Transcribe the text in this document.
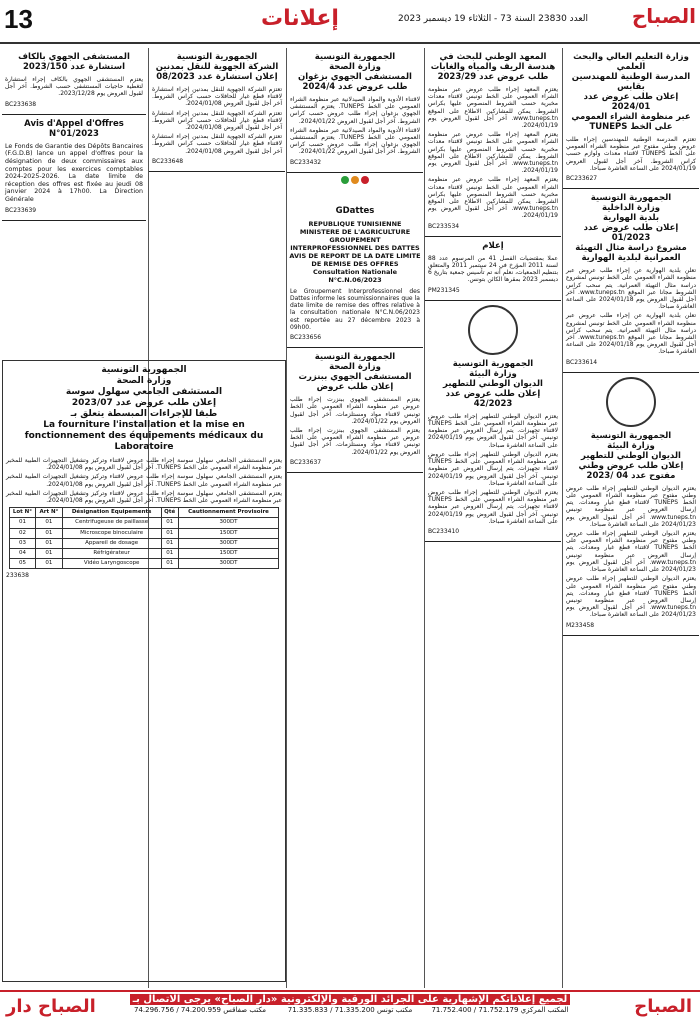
13	إعلانات	العدد 23830 السنة 73 - الثلاثاء 19 ديسمبر 2023 الصباح
وزارة التعليم العالي والبحث العلمي
المدرسة الوطنية للمهندسين بقابس
إعلان طلب عروض عدد 2024/01
عبر منظومة الشراء العمومي على الخط TUNEPS
تعتزم المدرسة الوطنية للمهندسين إجراء طلب عروض وطني مفتوح عبر منظومة الشراء العمومي على الخط TUNEPS لاقتناء معدات ولوازم حسب كراس الشروط. آخر أجل لقبول العروض 2024/01/19 على الساعة العاشرة صباحا.
BC233627
الجمهورية التونسية
وزارة الداخلية
بلدية الهوارية
إعلان طلب عروض عدد 01/2023
مشروع دراسة مثال التهيئة العمرانية لبلدية الهوارية
تعلن بلدية الهوارية عن إجراء طلب عروض عبر منظومة الشراء العمومي على الخط تونبس لمشروع دراسة مثال التهيئة العمرانية. يتم سحب كراس الشروط مجانا عبر الموقع www.tuneps.tn. آخر أجل لقبول العروض يوم 2024/01/18 على الساعة العاشرة صباحا.
تعلن بلدية الهوارية عن إجراء طلب عروض عبر منظومة الشراء العمومي على الخط تونبس لمشروع دراسة مثال التهيئة العمرانية. يتم سحب كراس الشروط مجانا عبر الموقع www.tuneps.tn. آخر أجل لقبول العروض يوم 2024/01/18 على الساعة العاشرة صباحا.
BC233614
الجمهورية التونسية
وزارة البيئة
الديوان الوطني للتطهير
إعلان طلب عروض وطني مفتوح عدد 04 /2023
يعتزم الديوان الوطني للتطهير إجراء طلب عروض وطني مفتوح عبر منظومة الشراء العمومي على الخط TUNEPS لاقتناء قطع غيار ومعدات. يتم إرسال العروض عبر منظومة تونبس www.tuneps.tn. آخر أجل لقبول العروض يوم 2024/01/23 على الساعة العاشرة صباحا.
يعتزم الديوان الوطني للتطهير إجراء طلب عروض وطني مفتوح عبر منظومة الشراء العمومي على الخط TUNEPS لاقتناء قطع غيار ومعدات. يتم إرسال العروض عبر منظومة تونبس www.tuneps.tn. آخر أجل لقبول العروض يوم 2024/01/23 على الساعة العاشرة صباحا.
يعتزم الديوان الوطني للتطهير إجراء طلب عروض وطني مفتوح عبر منظومة الشراء العمومي على الخط TUNEPS لاقتناء قطع غيار ومعدات. يتم إرسال العروض عبر منظومة تونبس www.tuneps.tn. آخر أجل لقبول العروض يوم 2024/01/23 على الساعة العاشرة صباحا.
M233458
المعهد الوطني للبحث في هندسة الريف والمياه والغابات
طلب عروض عدد 2023/29
يعتزم المعهد إجراء طلب عروض عبر منظومة الشراء العمومي على الخط تونبس لاقتناء معدات مخبرية حسب الشروط المنصوص عليها بكراس الشروط. يمكن للمشاركين الاطلاع على الموقع www.tuneps.tn. آخر أجل لقبول العروض يوم 2024/01/19.
يعتزم المعهد إجراء طلب عروض عبر منظومة الشراء العمومي على الخط تونبس لاقتناء معدات مخبرية حسب الشروط المنصوص عليها بكراس الشروط. يمكن للمشاركين الاطلاع على الموقع www.tuneps.tn. آخر أجل لقبول العروض يوم 2024/01/19.
يعتزم المعهد إجراء طلب عروض عبر منظومة الشراء العمومي على الخط تونبس لاقتناء معدات مخبرية حسب الشروط المنصوص عليها بكراس الشروط. يمكن للمشاركين الاطلاع على الموقع www.tuneps.tn. آخر أجل لقبول العروض يوم 2024/01/19.
BC233534
إعلام
عملا بمقتضيات الفصل 41 من المرسوم عدد 88 لسنة 2011 المؤرخ في 24 سبتمبر 2011 والمتعلق بتنظيم الجمعيات، نعلم أنه تم تأسيس جمعية بتاريخ 6 ديسمبر 2023 بمقرها الكائن بتونس.
PM231345
الجمهورية التونسية
وزارة البيئة
الديوان الوطني للتطهير
إعلان طلب عروض عدد 42/2023
يعتزم الديوان الوطني للتطهير إجراء طلب عروض عبر منظومة الشراء العمومي على الخط TUNEPS لاقتناء تجهيزات. يتم إرسال العروض عبر منظومة تونبس. آخر أجل لقبول العروض يوم 2024/01/19 على الساعة العاشرة صباحا.
يعتزم الديوان الوطني للتطهير إجراء طلب عروض عبر منظومة الشراء العمومي على الخط TUNEPS لاقتناء تجهيزات. يتم إرسال العروض عبر منظومة تونبس. آخر أجل لقبول العروض يوم 2024/01/19 على الساعة العاشرة صباحا.
يعتزم الديوان الوطني للتطهير إجراء طلب عروض عبر منظومة الشراء العمومي على الخط TUNEPS لاقتناء تجهيزات. يتم إرسال العروض عبر منظومة تونبس. آخر أجل لقبول العروض يوم 2024/01/19 على الساعة العاشرة صباحا.
BC233410
الجمهورية التونسية
وزارة الصحة
المستشفى الجهوي بزغوان
طلب عروض عدد 2024/4
لاقتناء الأدوية والمواد الصيدلانية عبر منظومة الشراء العمومي على الخط TUNEPS. يعتزم المستشفى الجهوي بزغوان إجراء طلب عروض حسب كراس الشروط. آخر أجل لقبول العروض 2024/01/22.
لاقتناء الأدوية والمواد الصيدلانية عبر منظومة الشراء العمومي على الخط TUNEPS. يعتزم المستشفى الجهوي بزغوان إجراء طلب عروض حسب كراس الشروط. آخر أجل لقبول العروض 2024/01/22.
BC233432
GDattes
REPUBLIQUE TUNISIENNE
MINISTERE DE L'AGRICULTURE
GROUPEMENT INTERPROFESSIONNEL DES DATTES
AVIS DE REPORT DE LA DATE LIMITE DE REMISE DES OFFRES
Consultation Nationale N°C.N.06/2023
Le Groupement Interprofessionnel des Dattes informe les soumissionnaires que la date limite de remise des offres relative à la consultation nationale N°C.N.06/2023 est reportée au 27 décembre 2023 à 09h00.
BC233656
الجمهورية التونسية
وزارة الصحة
المستشفى الجهوي ببنزرت
إعلان طلب عروض
يعتزم المستشفى الجهوي ببنزرت إجراء طلب عروض عبر منظومة الشراء العمومي على الخط تونبس لاقتناء مواد ومستلزمات. آخر أجل لقبول العروض يوم 2024/01/22.
يعتزم المستشفى الجهوي ببنزرت إجراء طلب عروض عبر منظومة الشراء العمومي على الخط تونبس لاقتناء مواد ومستلزمات. آخر أجل لقبول العروض يوم 2024/01/22.
BC233637
الجمهورية التونسية
الشركة الجهوية للنقل بمدنين
إعلان استشارة عدد 08/2023
تعتزم الشركة الجهوية للنقل بمدنين إجراء استشارة لاقتناء قطع غيار للحافلات حسب كراس الشروط. آخر أجل لقبول العروض 2024/01/08.
تعتزم الشركة الجهوية للنقل بمدنين إجراء استشارة لاقتناء قطع غيار للحافلات حسب كراس الشروط. آخر أجل لقبول العروض 2024/01/08.
تعتزم الشركة الجهوية للنقل بمدنين إجراء استشارة لاقتناء قطع غيار للحافلات حسب كراس الشروط. آخر أجل لقبول العروض 2024/01/08.
BC233648
الجمهورية التونسية
وزارة الصحة
المستشفى الجامعي سهلول سوسة
إعلان طلب عروض عدد 2023/07
طبقا للإجراءات المبسطة يتعلق بـ
La fourniture l'installation et la mise en fonctionnement des équipements médicaux du Laboratoire
يعتزم المستشفى الجامعي سهلول سوسة إجراء طلب عروض لاقتناء وتركيز وتشغيل التجهيزات الطبية للمخبر عبر منظومة الشراء العمومي على الخط TUNEPS. آخر أجل لقبول العروض يوم 2024/01/08.
يعتزم المستشفى الجامعي سهلول سوسة إجراء طلب عروض لاقتناء وتركيز وتشغيل التجهيزات الطبية للمخبر عبر منظومة الشراء العمومي على الخط TUNEPS. آخر أجل لقبول العروض يوم 2024/01/08.
يعتزم المستشفى الجامعي سهلول سوسة إجراء طلب عروض لاقتناء وتركيز وتشغيل التجهيزات الطبية للمخبر عبر منظومة الشراء العمومي على الخط TUNEPS. آخر أجل لقبول العروض يوم 2024/01/08.
Lot N°	Art N°	Désignation Equipements	Qté	Cautionnement Provisoire
01	01	Centrifugeuse de paillasse	01	300DT
02	01	Microscope binoculaire	01	150DT
03	01	Appareil de dosage	01	300DT
04	01	Réfrigérateur	01	150DT
05	01	Vidéo Laryngoscope	01	300DT
233638
المستشفى الجهوي بالكاف
استشارة عدد 2023/150
يعتزم المستشفى الجهوي بالكاف إجراء استشارة لتغطية حاجيات المستشفى حسب الشروط. آخر أجل لقبول العروض يوم 2023/12/28.
BC233638
Avis d'Appel d'Offres N°01/2023
Le Fonds de Garantie des Dépôts Bancaires (F.G.D.B) lance un appel d'offres pour la désignation de deux commissaires aux comptes pour les exercices comptables 2024-2025-2026. La date limite de réception des offres est fixée au jeudi 08 janvier 2024 à 17h00. La Direction Générale
BC233639
الصباح دار	لجميع إعلاناتكم الإشهارية على الجرائد الورقية والإلكترونية «دار الصباح» يرجى الاتصال بـ
مكتب صفاقس 74.200.959 / 74.296.756	مكتب تونس 71.335.200 / 71.335.833	المكتب المركزي 71.752.179 / 71.752.400	الصباح
